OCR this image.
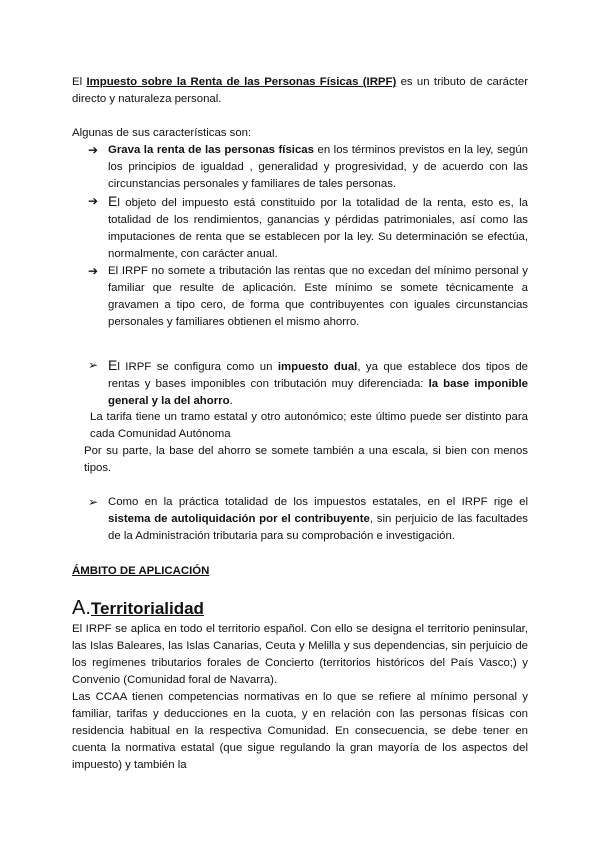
El Impuesto sobre la Renta de las Personas Físicas (IRPF) es un tributo de carácter directo y naturaleza personal.
Algunas de sus características son:
➔ Grava la renta de las personas físicas en los términos previstos en la ley, según los principios de igualdad , generalidad y progresividad, y de acuerdo con las circunstancias personales y familiares de tales personas.
➔ El objeto del impuesto está constituido por la totalidad de la renta, esto es, la totalidad de los rendimientos, ganancias y pérdidas patrimoniales, así como las imputaciones de renta que se establecen por la ley. Su determinación se efectúa, normalmente, con carácter anual.
➔ El IRPF no somete a tributación las rentas que no excedan del mínimo personal y familiar que resulte de aplicación. Este mínimo se somete técnicamente a gravamen a tipo cero, de forma que contribuyentes con iguales circunstancias personales y familiares obtienen el mismo ahorro.
➢ El IRPF se configura como un impuesto dual, ya que establece dos tipos de rentas y bases imponibles con tributación muy diferenciada: la base imponible general y la del ahorro.
La tarifa tiene un tramo estatal y otro autonómico; este último puede ser distinto para cada Comunidad Autónoma
Por su parte, la base del ahorro se somete también a una escala, si bien con menos tipos.
➢ Como en la práctica totalidad de los impuestos estatales, en el IRPF rige el sistema de autoliquidación por el contribuyente, sin perjuicio de las facultades de la Administración tributaria para su comprobación e investigación.
ÁMBITO DE APLICACIÓN
A.Territorialidad
El IRPF se aplica en todo el territorio español. Con ello se designa el territorio peninsular, las Islas Baleares, las Islas Canarias, Ceuta y Melilla y sus dependencias, sin perjuicio de los regímenes tributarios forales de Concierto (territorios históricos del País Vasco;) y Convenio (Comunidad foral de Navarra).
Las CCAA tienen competencias normativas en lo que se refiere al mínimo personal y familiar, tarifas y deducciones en la cuota, y en relación con las personas físicas con residencia habitual en la respectiva Comunidad. En consecuencia, se debe tener en cuenta la normativa estatal (que sigue regulando la gran mayoría de los aspectos del impuesto) y también la
